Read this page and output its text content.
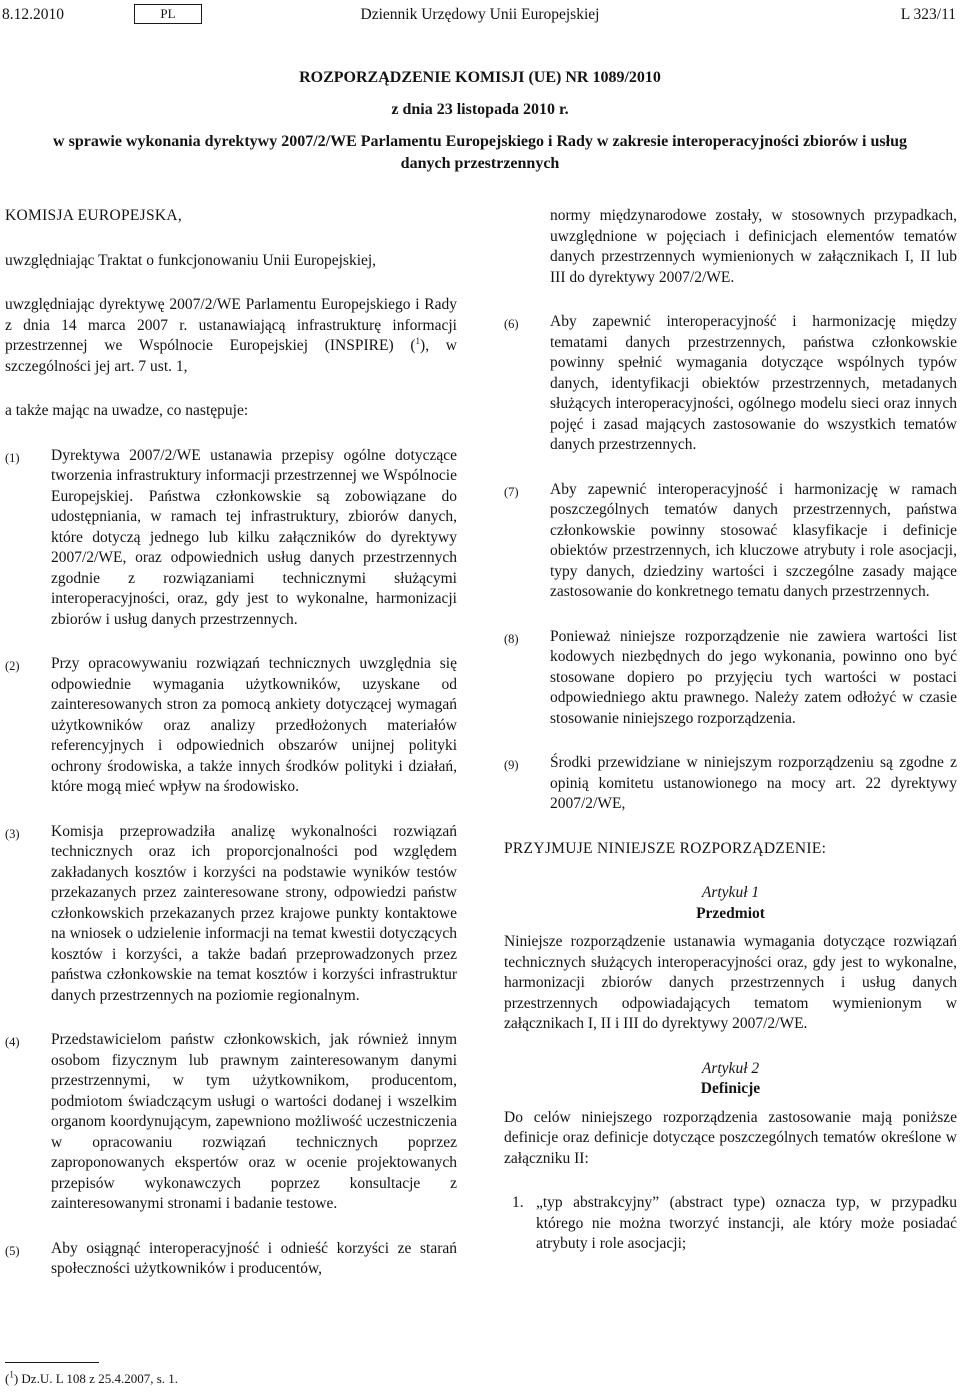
Dziennik Urzędowy Unii Europejskiej
8.12.2010	PL	L 323/11
ROZPORZĄDZENIE KOMISJI (UE) NR 1089/2010
z dnia 23 listopada 2010 r.
w sprawie wykonania dyrektywy 2007/2/WE Parlamentu Europejskiego i Rady w zakresie interoperacyjności zbiorów i usług danych przestrzennych

KOMISJA EUROPEJSKA,

uwzględniając Traktat o funkcjonowaniu Unii Europejskiej,

uwzględniając dyrektywę 2007/2/WE Parlamentu Europejskiego i Rady z dnia 14 marca 2007 r. ustanawiającą infrastrukturę informacji przestrzennej we Wspólnocie Europejskiej (INSPIRE) ($^1$), w szczególności jej art. 7 ust. 1,

a także mając na uwadze, co następuje:

(1)	Dyrektywa 2007/2/WE ustanawia przepisy ogólne dotyczące tworzenia infrastruktury informacji przestrzennej we Wspólnocie Europejskiej. Państwa członkowskie są zobowiązane do udostępniania, w ramach tej infrastruktury, zbiorów danych, które dotyczą jednego lub kilku załączników do dyrektywy 2007/2/WE, oraz odpowiednich usług danych przestrzennych zgodnie z rozwiązaniami technicznymi służącymi interoperacyjności, oraz, gdy jest to wykonalne, harmonizacji zbiorów i usług danych przestrzennych.

(2)	Przy opracowywaniu rozwiązań technicznych uwzględnia się odpowiednie wymagania użytkowników, uzyskane od zainteresowanych stron za pomocą ankiety dotyczącej wymagań użytkowników oraz analizy przedłożonych materiałów referencyjnych i odpowiednich obszarów unijnej polityki ochrony środowiska, a także innych środków polityki i działań, które mogą mieć wpływ na środowisko.

(3)	Komisja przeprowadziła analizę wykonalności rozwiązań technicznych oraz ich proporcjonalności pod względem zakładanych kosztów i korzyści na podstawie wyników testów przekazanych przez zainteresowane strony, odpowiedzi państw członkowskich przekazanych przez krajowe punkty kontaktowe na wniosek o udzielenie informacji na temat kwestii dotyczących kosztów i korzyści, a także badań przeprowadzonych przez państwa członkowskie na temat kosztów i korzyści infrastruktur danych przestrzennych na poziomie regionalnym.

(4)	Przedstawicielom państw członkowskich, jak również innym osobom fizycznym lub prawnym zainteresowanym danymi przestrzennymi, w tym użytkownikom, producentom, podmiotom świadczącym usługi o wartości dodanej i wszelkim organom koordynującym, zapewniono możliwość uczestniczenia w opracowaniu rozwiązań technicznych poprzez zaproponowanych ekspertów oraz w ocenie projektowanych przepisów wykonawczych poprzez konsultacje z zainteresowanymi stronami i badanie testowe.

(5)	Aby osiągnąć interoperacyjność i odnieść korzyści ze starań społeczności użytkowników i producentów,

normy międzynarodowe zostały, w stosownych przypadkach, uwzględnione w pojęciach i definicjach elementów tematów danych przestrzennych wymienionych w załącznikach I, II lub III do dyrektywy 2007/2/WE.

(6)	Aby zapewnić interoperacyjność i harmonizację między tematami danych przestrzennych, państwa członkowskie powinny spełnić wymagania dotyczące wspólnych typów danych, identyfikacji obiektów przestrzennych, metadanych służących interoperacyjności, ogólnego modelu sieci oraz innych pojęć i zasad mających zastosowanie do wszystkich tematów danych przestrzennych.

(7)	Aby zapewnić interoperacyjność i harmonizację w ramach poszczególnych tematów danych przestrzennych, państwa członkowskie powinny stosować klasyfikacje i definicje obiektów przestrzennych, ich kluczowe atrybuty i role asocjacji, typy danych, dziedziny wartości i szczególne zasady mające zastosowanie do konkretnego tematu danych przestrzennych.

(8)	Ponieważ niniejsze rozporządzenie nie zawiera wartości list kodowych niezbędnych do jego wykonania, powinno ono być stosowane dopiero po przyjęciu tych wartości w postaci odpowiedniego aktu prawnego. Należy zatem odłożyć w czasie stosowanie niniejszego rozporządzenia.

(9)	Środki przewidziane w niniejszym rozporządzeniu są zgodne z opinią komitetu ustanowionego na mocy art. 22 dyrektywy 2007/2/WE,

PRZYJMUJE NINIEJSZE ROZPORZĄDZENIE:

Artykuł 1

Przedmiot

Niniejsze rozporządzenie ustanawia wymagania dotyczące rozwiązań technicznych służących interoperacyjności oraz, gdy jest to wykonalne, harmonizacji zbiorów danych przestrzennych i usług danych przestrzennych odpowiadających tematom wymienionym w załącznikach I, II i III do dyrektywy 2007/2/WE.

Artykuł 2

Definicje

Do celów niniejszego rozporządzenia zastosowanie mają poniższe definicje oraz definicje dotyczące poszczególnych tematów określone w załączniku II:

1. „typ abstrakcyjny” (abstract type) oznacza typ, w przypadku którego nie można tworzyć instancji, ale który może posiadać atrybuty i role asocjacji;
($^1$) Dz.U. L 108 z 25.4.2007, s. 1.
